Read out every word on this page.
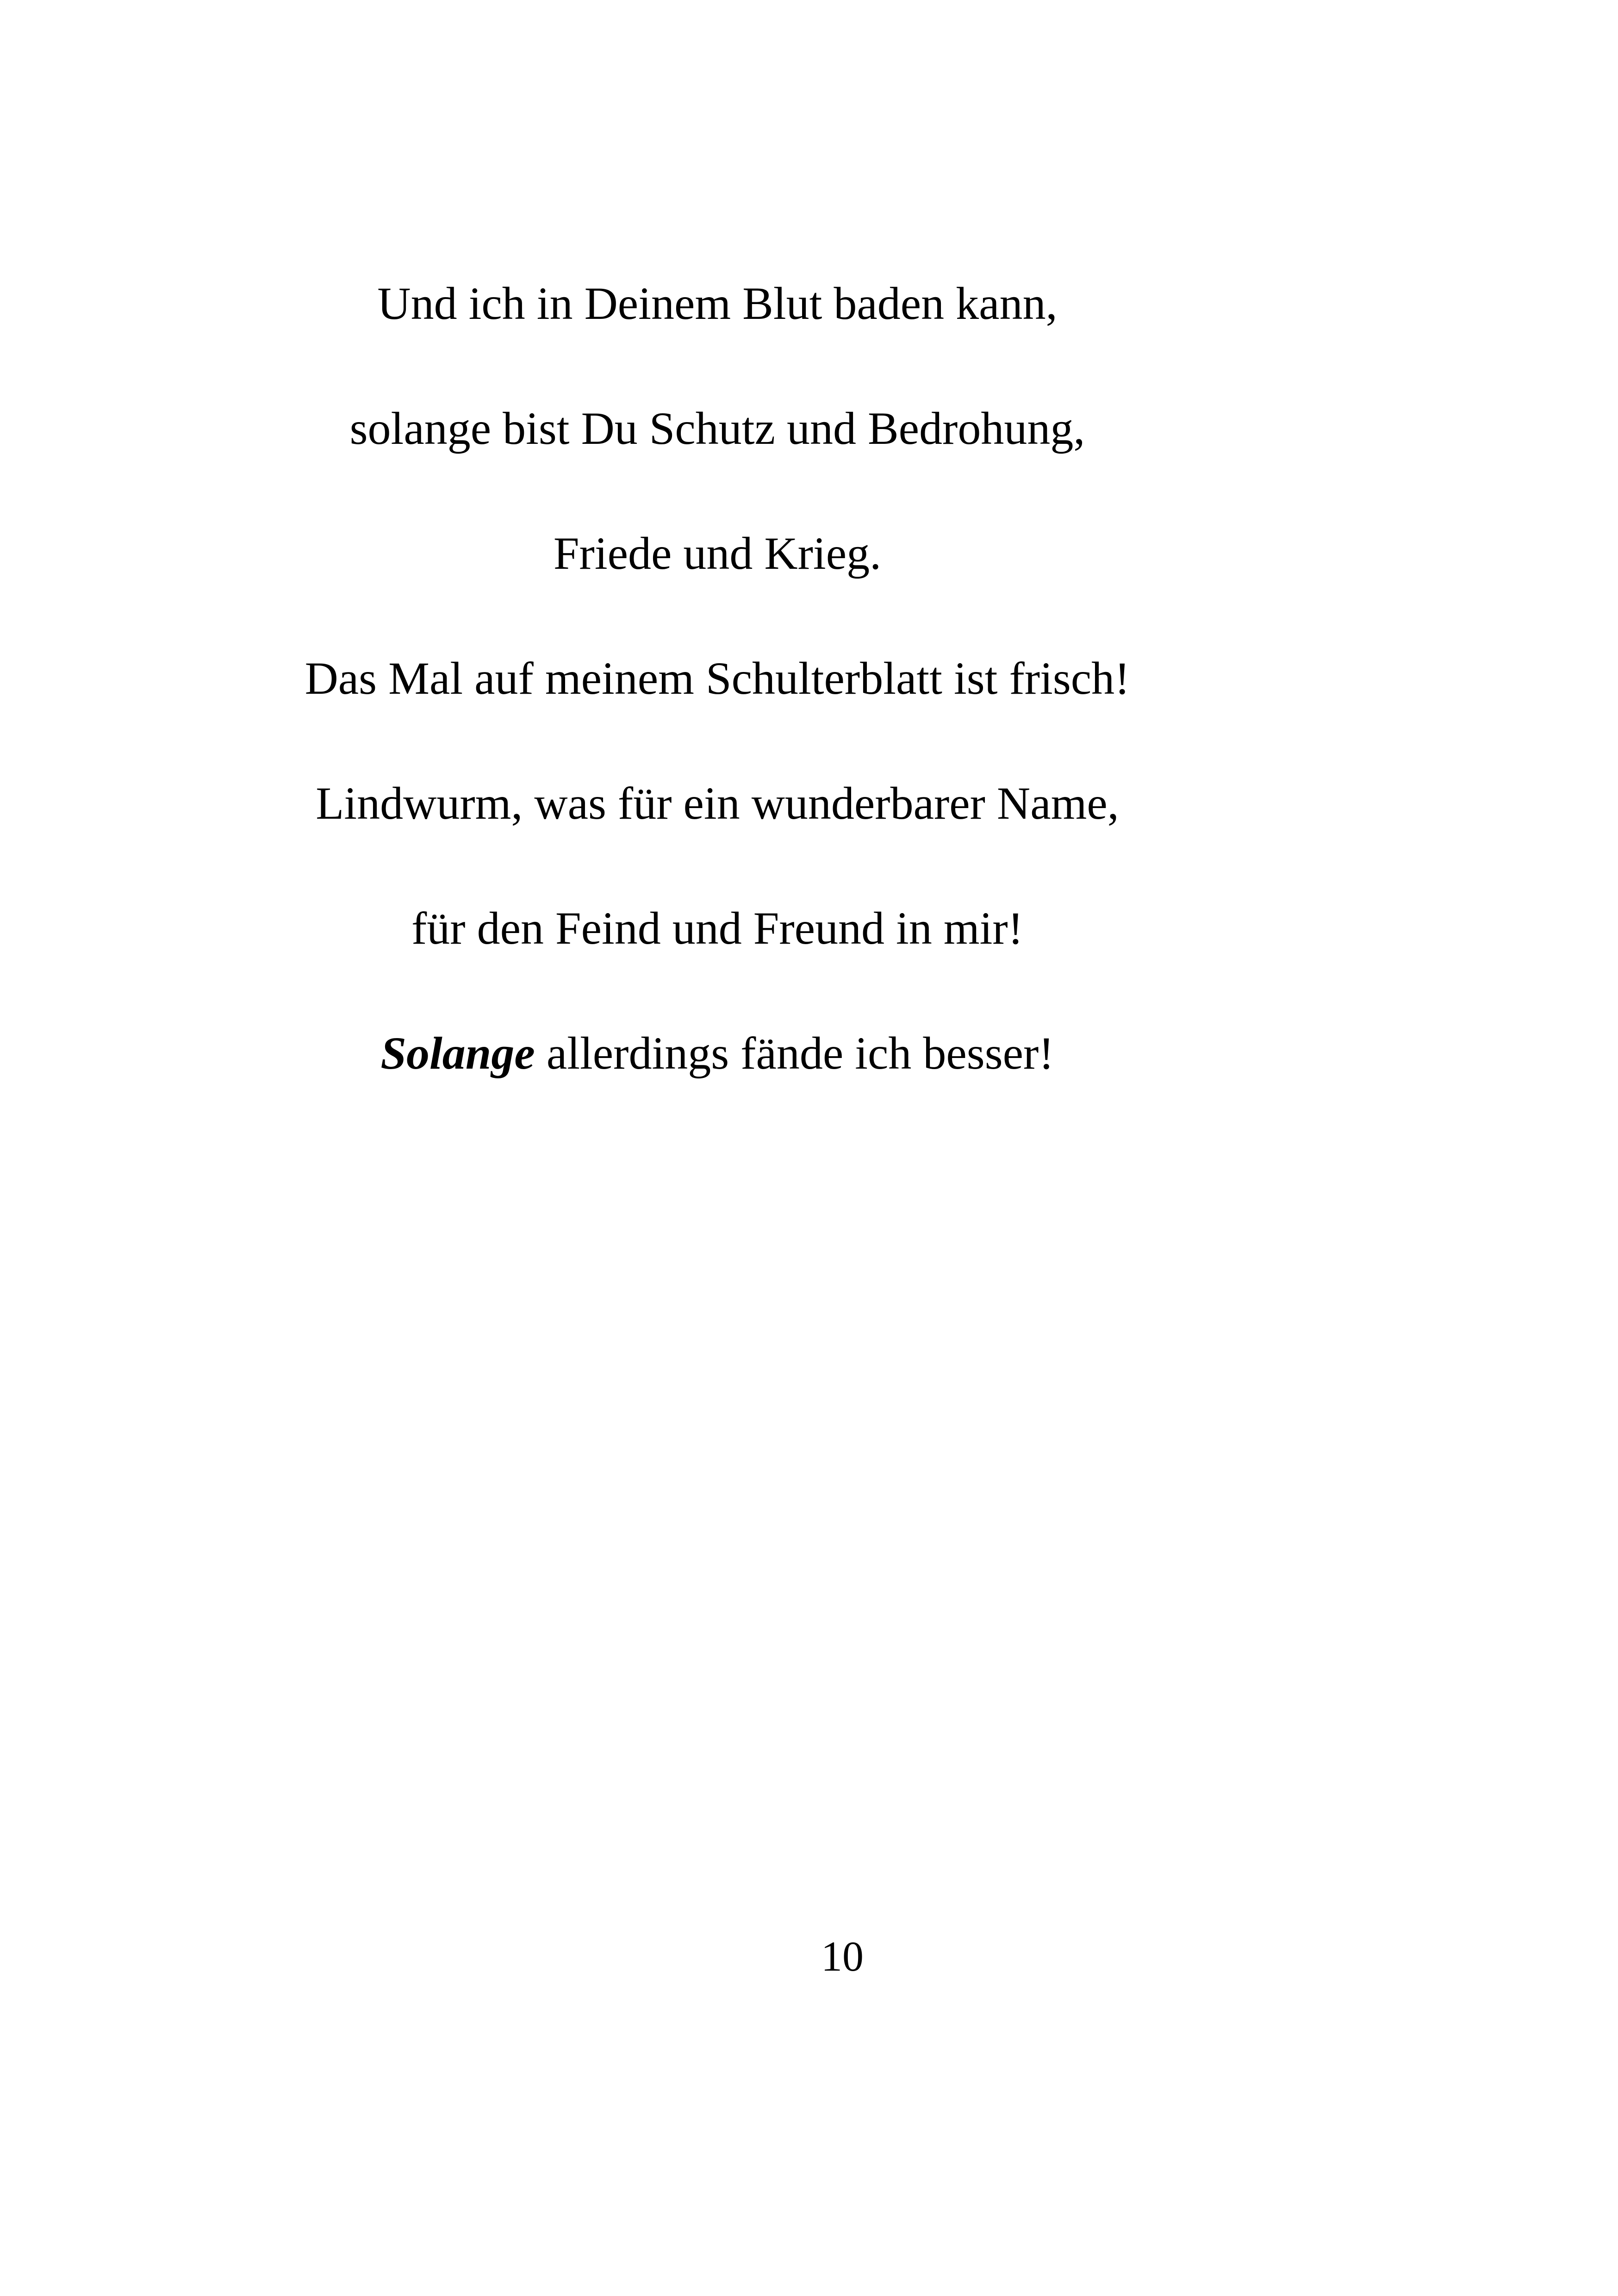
Und ich in Deinem Blut baden kann,
solange bist Du Schutz und Bedrohung,
Friede und Krieg.
Das Mal auf meinem Schulterblatt ist frisch!
Lindwurm, was für ein wunderbarer Name,
für den Feind und Freund in mir!
Solange allerdings fände ich besser!
10
